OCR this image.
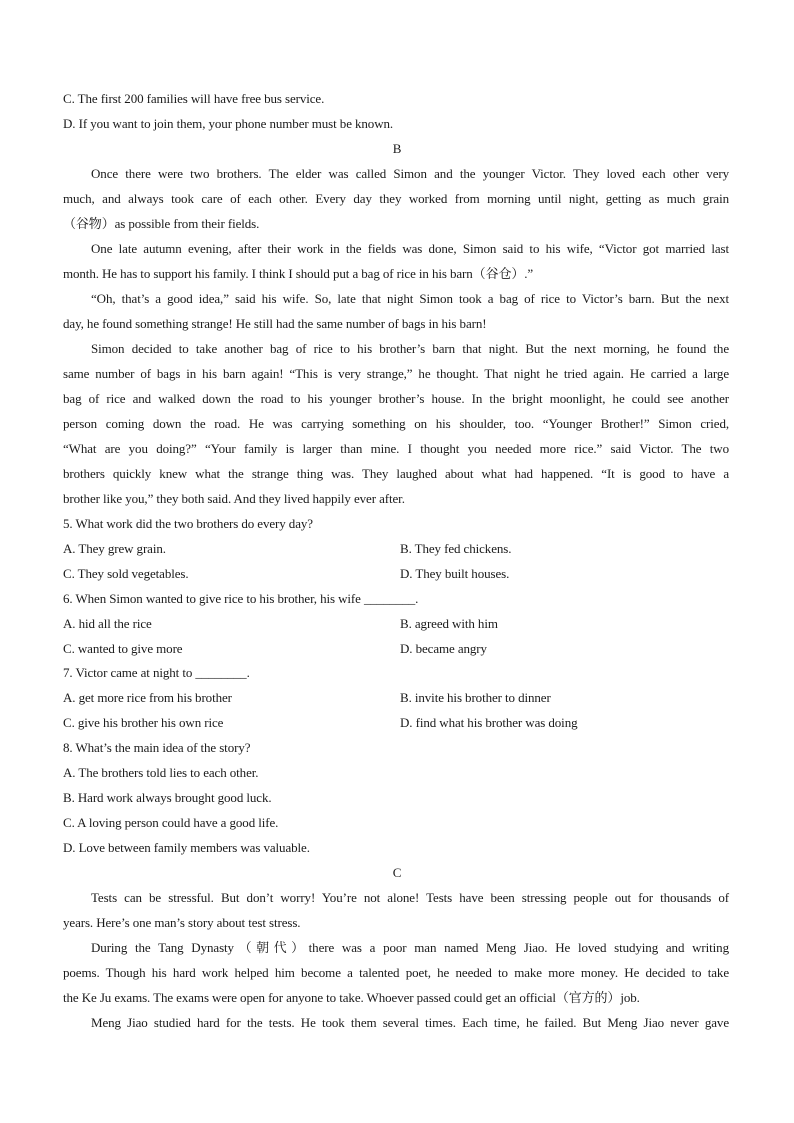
C. The first 200 families will have free bus service.
D. If you want to join them, your phone number must be known.
B
Once there were two brothers. The elder was called Simon and the younger Victor. They loved each other very
much, and always took care of each other. Every day they worked from morning until night, getting as much grain
（谷物）as possible from their fields.
One late autumn evening, after their work in the fields was done, Simon said to his wife, “Victor got married last
month. He has to support his family. I think I should put a bag of rice in his barn（谷仓）.”
“Oh, that’s a good idea,” said his wife. So, late that night Simon took a bag of rice to Victor’s barn. But the next
day, he found something strange! He still had the same number of bags in his barn!
Simon decided to take another bag of rice to his brother’s barn that night. But the next morning, he found the
same number of bags in his barn again! “This is very strange,” he thought. That night he tried again. He carried a large
bag of rice and walked down the road to his younger brother’s house. In the bright moonlight, he could see another
person coming down the road. He was carrying something on his shoulder, too. “Younger Brother!” Simon cried,
“What are you doing?” “Your family is larger than mine. I thought you needed more rice.” said Victor. The two
brothers quickly knew what the strange thing was. They laughed about what had happened. “It is good to have a
brother like you,” they both said. And they lived happily ever after.
5. What work did the two brothers do every day?
A. They grew grain.	B. They fed chickens.
C. They sold vegetables.	D. They built houses.
6. When Simon wanted to give rice to his brother, his wife ________.
A. hid all the rice	B. agreed with him
C. wanted to give more	D. became angry
7. Victor came at night to ________.
A. get more rice from his brother	B. invite his brother to dinner
C. give his brother his own rice	D. find what his brother was doing
8. What’s the main idea of the story?
A. The brothers told lies to each other.
B. Hard work always brought good luck.
C. A loving person could have a good life.
D. Love between family members was valuable.
C
Tests can be stressful. But don’t worry! You’re not alone! Tests have been stressing people out for thousands of
years. Here’s one man’s story about test stress.
During the Tang Dynasty（朝代）there was a poor man named Meng Jiao. He loved studying and writing
poems. Though his hard work helped him become a talented poet, he needed to make more money. He decided to take
the Ke Ju exams. The exams were open for anyone to take. Whoever passed could get an official（官方的）job.
Meng Jiao studied hard for the tests. He took them several times. Each time, he failed. But Meng Jiao never gave
